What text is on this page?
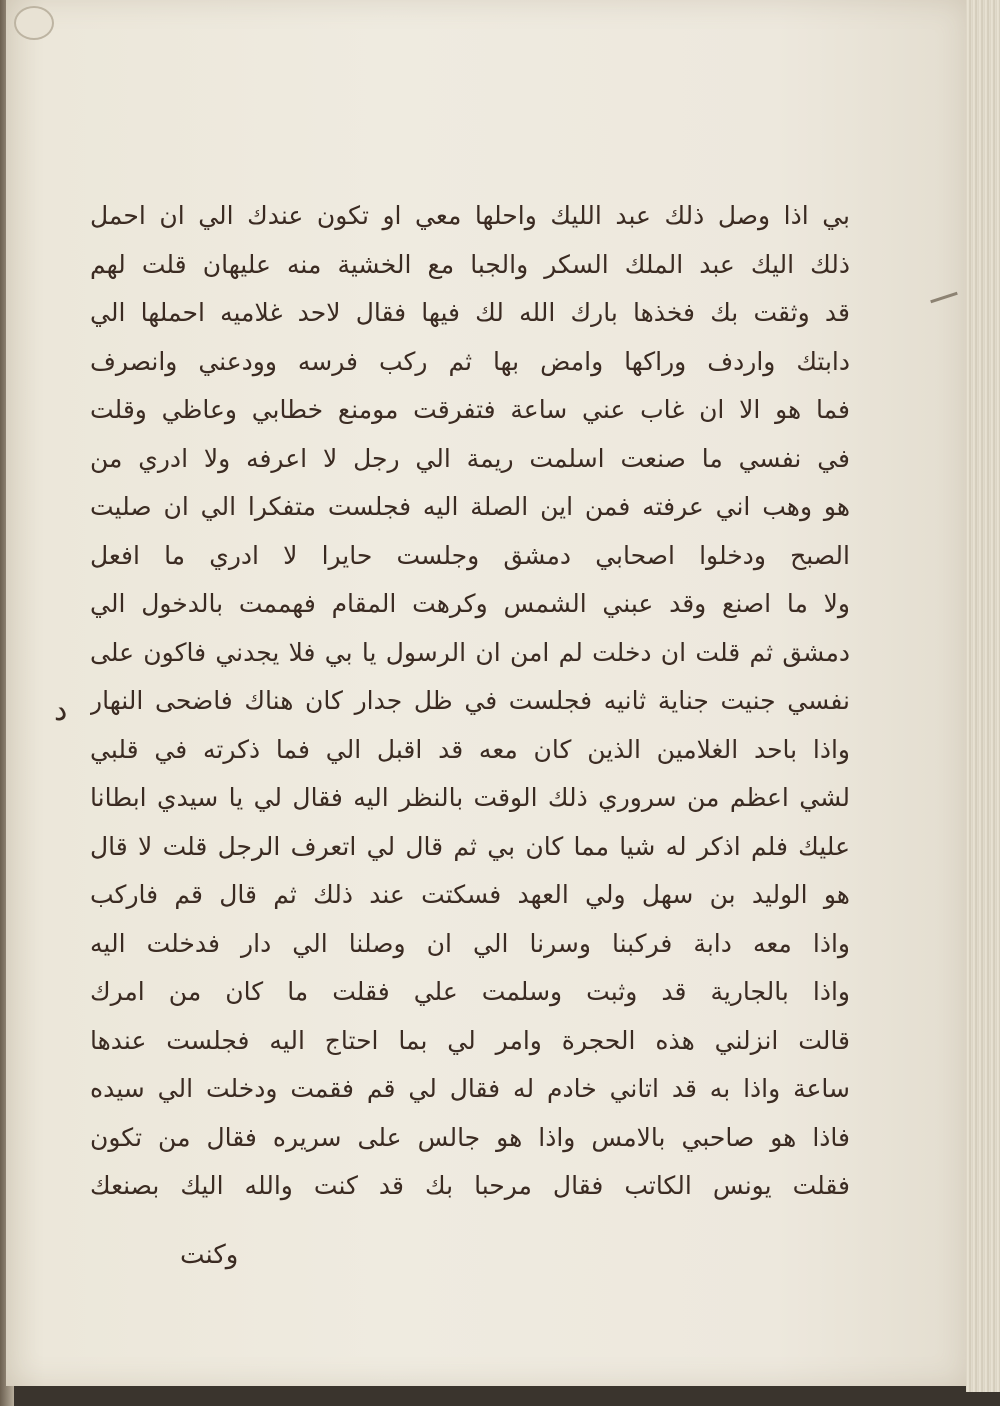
بي اذا وصل ذلك عبد الليك واحلها معي او تكون عندك الي ان احمل
ذلك اليك عبد الملك السكر والجبا مع الخشية منه عليهان قلت لهم
قد وثقت بك فخذها بارك الله لك فيها فقال لاحد غلاميه احملها الي
دابتك واردف وراكها وامض بها ثم ركب فرسه وودعني وانصرف
فما هو الا ان غاب عني ساعة فتفرقت مومنع خطابي وعاظي وقلت
في نفسي ما صنعت اسلمت ريمة الي رجل لا اعرفه ولا ادري من
هو وهب اني عرفته فمن اين الصلة اليه فجلست متفكرا الي ان صليت
الصبح ودخلوا اصحابي دمشق وجلست حايرا لا ادري ما افعل
ولا ما اصنع وقد عبني الشمس وكرهت المقام فهممت بالدخول الي
دمشق ثم قلت ان دخلت لم امن ان الرسول يا بي فلا يجدني فاكون على
نفسي جنيت جناية ثانيه فجلست في ظل جدار كان هناك فاضحى النهار
واذا باحد الغلامين الذين كان معه قد اقبل الي فما ذكرته في قلبي
لشي اعظم من سروري ذلك الوقت بالنظر اليه فقال لي يا سيدي ابطانا
عليك فلم اذكر له شيا مما كان بي ثم قال لي اتعرف الرجل قلت لا قال
هو الوليد بن سهل ولي العهد فسكتت عند ذلك ثم قال قم فاركب
واذا معه دابة فركبنا وسرنا الي ان وصلنا الي دار فدخلت اليه
واذا بالجارية قد وثبت وسلمت علي فقلت ما كان من امرك
قالت انزلني هذه الحجرة وامر لي بما احتاج اليه فجلست عندها
ساعة واذا به قد اتاني خادم له فقال لي قم فقمت ودخلت الي سيده
فاذا هو صاحبي بالامس واذا هو جالس على سريره فقال من تكون
فقلت يونس الكاتب فقال مرحبا بك قد كنت والله اليك بصنعك
د
وكنت
